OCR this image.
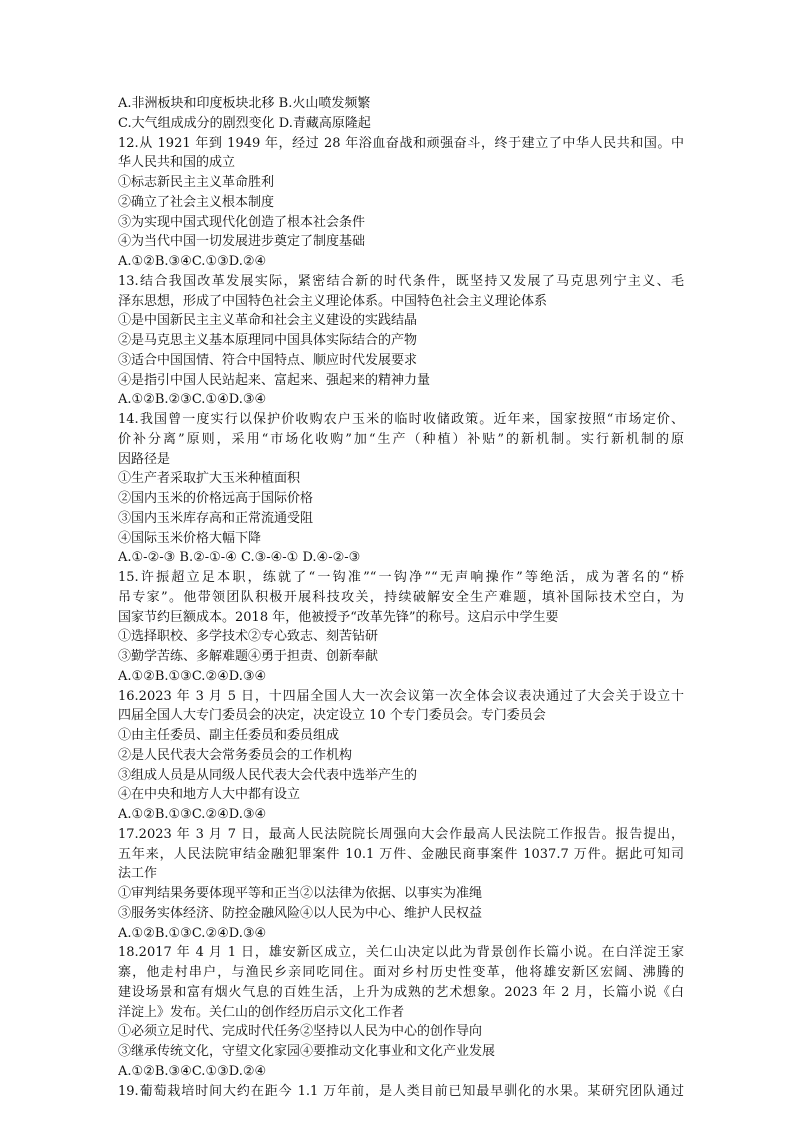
A.非洲板块和印度板块北移 B.火山喷发频繁
C.大气组成成分的剧烈变化 D.青藏高原隆起
12.从 1921 年到 1949 年，经过 28 年浴血奋战和顽强奋斗，终于建立了中华人民共和国。中
华人民共和国的成立
①标志新民主主义革命胜利
②确立了社会主义根本制度
③为实现中国式现代化创造了根本社会条件
④为当代中国一切发展进步奠定了制度基础
A.①②B.③④C.①③D.②④
13.结合我国改革发展实际，紧密结合新的时代条件，既坚持又发展了马克思列宁主义、毛
泽东思想，形成了中国特色社会主义理论体系。中国特色社会主义理论体系
①是中国新民主主义革命和社会主义建设的实践结晶
②是马克思主义基本原理同中国具体实际结合的产物
③适合中国国情、符合中国特点、顺应时代发展要求
④是指引中国人民站起来、富起来、强起来的精神力量
A.①②B.②③C.①④D.③④
14.我国曾一度实行以保护价收购农户玉米的临时收储政策。近年来，国家按照“市场定价、
价补分离”原则，采用“市场化收购”加“生产（种植）补贴”的新机制。实行新机制的原
因路径是
①生产者采取扩大玉米种植面积
②国内玉米的价格远高于国际价格
③国内玉米库存高和正常流通受阻
④国际玉米价格大幅下降
A.①-②-③ B.②-①-④ C.③-④-① D.④-②-③
15.许振超立足本职，练就了“一钩准”“一钩净”“无声响操作”等绝活，成为著名的“桥
吊专家”。他带领团队积极开展科技攻关，持续破解安全生产难题，填补国际技术空白，为
国家节约巨额成本。2018 年，他被授予“改革先锋”的称号。这启示中学生要
①选择职校、多学技术②专心致志、刻苦钻研
③勤学苦练、多解难题④勇于担责、创新奉献
A.①②B.①③C.②④D.③④
16.2023 年 3 月 5 日，十四届全国人大一次会议第一次全体会议表决通过了大会关于设立十
四届全国人大专门委员会的决定，决定设立 10 个专门委员会。专门委员会
①由主任委员、副主任委员和委员组成
②是人民代表大会常务委员会的工作机构
③组成人员是从同级人民代表大会代表中选举产生的
④在中央和地方人大中都有设立
A.①②B.①③C.②④D.③④
17.2023 年 3 月 7 日，最高人民法院院长周强向大会作最高人民法院工作报告。报告提出，
五年来，人民法院审结金融犯罪案件 10.1 万件、金融民商事案件 1037.7 万件。据此可知司
法工作
①审判结果务要体现平等和正当②以法律为依据、以事实为准绳
③服务实体经济、防控金融风险④以人民为中心、维护人民权益
A.①②B.①③C.②④D.③④
18.2017 年 4 月 1 日，雄安新区成立，关仁山决定以此为背景创作长篇小说。在白洋淀王家
寨，他走村串户，与渔民乡亲同吃同住。面对乡村历史性变革，他将雄安新区宏阔、沸腾的
建设场景和富有烟火气息的百姓生活，上升为成熟的艺术想象。2023 年 2 月，长篇小说《白
洋淀上》发布。关仁山的创作经历启示文化工作者
①必须立足时代、完成时代任务②坚持以人民为中心的创作导向
③继承传统文化，守望文化家园④要推动文化事业和文化产业发展
A.①②B.③④C.①③D.②④
19.葡萄栽培时间大约在距今 1.1 万年前，是人类目前已知最早驯化的水果。某研究团队通过
